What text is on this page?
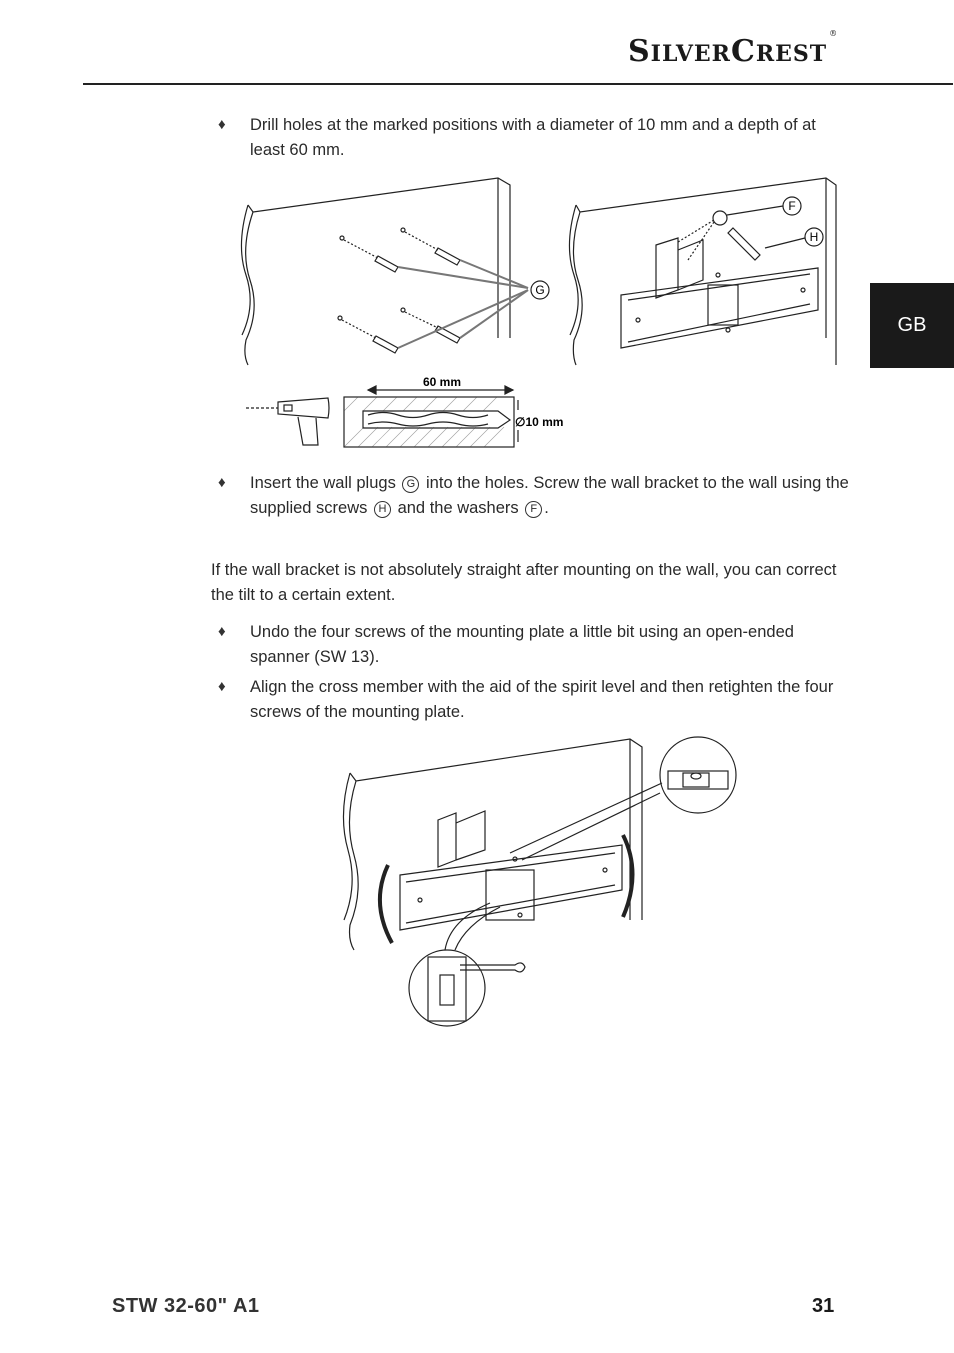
SILVERCREST®
GB
♦ Drill holes at the marked positions with a diameter of 10 mm and a depth of at least 60 mm.
G
F
H
60 mm
∅10 mm
♦ Insert the wall plugs G into the holes. Screw the wall bracket to the wall using the supplied screws H and the washers F .
If the wall bracket is not absolutely straight after mounting on the wall, you can correct the tilt to a certain extent.
♦ Undo the four screws of the mounting plate a little bit using an open-ended spanner (SW 13).
♦ Align the cross member with the aid of the spirit level and then retighten the four screws of the mounting plate.
STW 32-60" A1	31
